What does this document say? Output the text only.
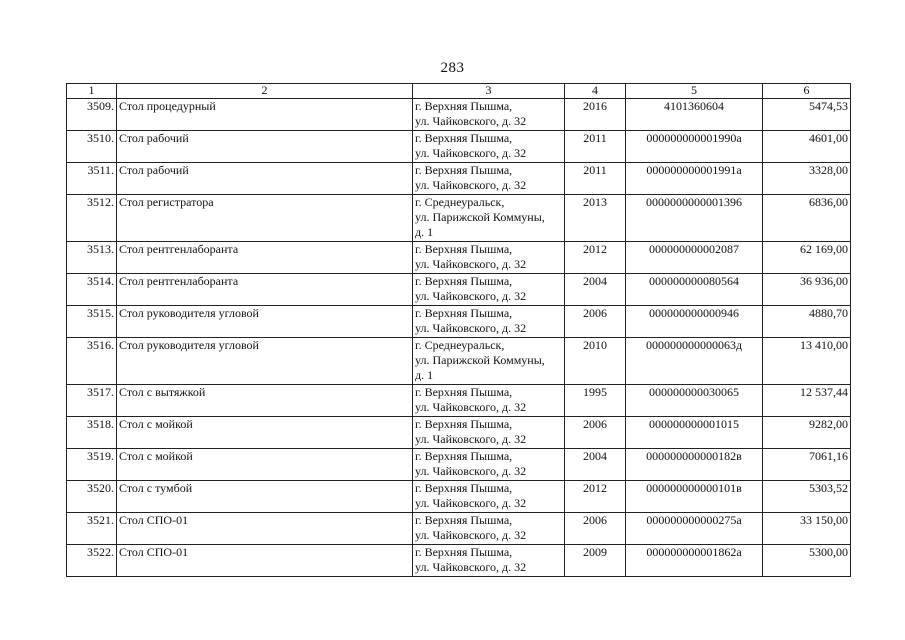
283
1	2	3	4	5	6
3509.	Стол процедурный	г. Верхняя Пышма,
ул. Чайковского, д. 32	2016	4101360604	5474,53
3510.	Стол рабочий	г. Верхняя Пышма,
ул. Чайковского, д. 32	2011	000000000001990а	4601,00
3511.	Стол рабочий	г. Верхняя Пышма,
ул. Чайковского, д. 32	2011	000000000001991а	3328,00
3512.	Стол регистратора	г. Среднеуральск,
ул. Парижской Коммуны,
д. 1	2013	0000000000001396	6836,00
3513.	Стол рентгенлаборанта	г. Верхняя Пышма,
ул. Чайковского, д. 32	2012	000000000002087	62 169,00
3514.	Стол рентгенлаборанта	г. Верхняя Пышма,
ул. Чайковского, д. 32	2004	000000000080564	36 936,00
3515.	Стол руководителя угловой	г. Верхняя Пышма,
ул. Чайковского, д. 32	2006	000000000000946	4880,70
3516.	Стол руководителя угловой	г. Среднеуральск,
ул. Парижской Коммуны,
д. 1	2010	000000000000063д	13 410,00
3517.	Стол с вытяжкой	г. Верхняя Пышма,
ул. Чайковского, д. 32	1995	000000000030065	12 537,44
3518.	Стол с мойкой	г. Верхняя Пышма,
ул. Чайковского, д. 32	2006	000000000001015	9282,00
3519.	Стол с мойкой	г. Верхняя Пышма,
ул. Чайковского, д. 32	2004	000000000000182в	7061,16
3520.	Стол с тумбой	г. Верхняя Пышма,
ул. Чайковского, д. 32	2012	000000000000101в	5303,52
3521.	Стол СПО-01	г. Верхняя Пышма,
ул. Чайковского, д. 32	2006	000000000000275а	33 150,00
3522.	Стол СПО-01	г. Верхняя Пышма,
ул. Чайковского, д. 32	2009	000000000001862а	5300,00
